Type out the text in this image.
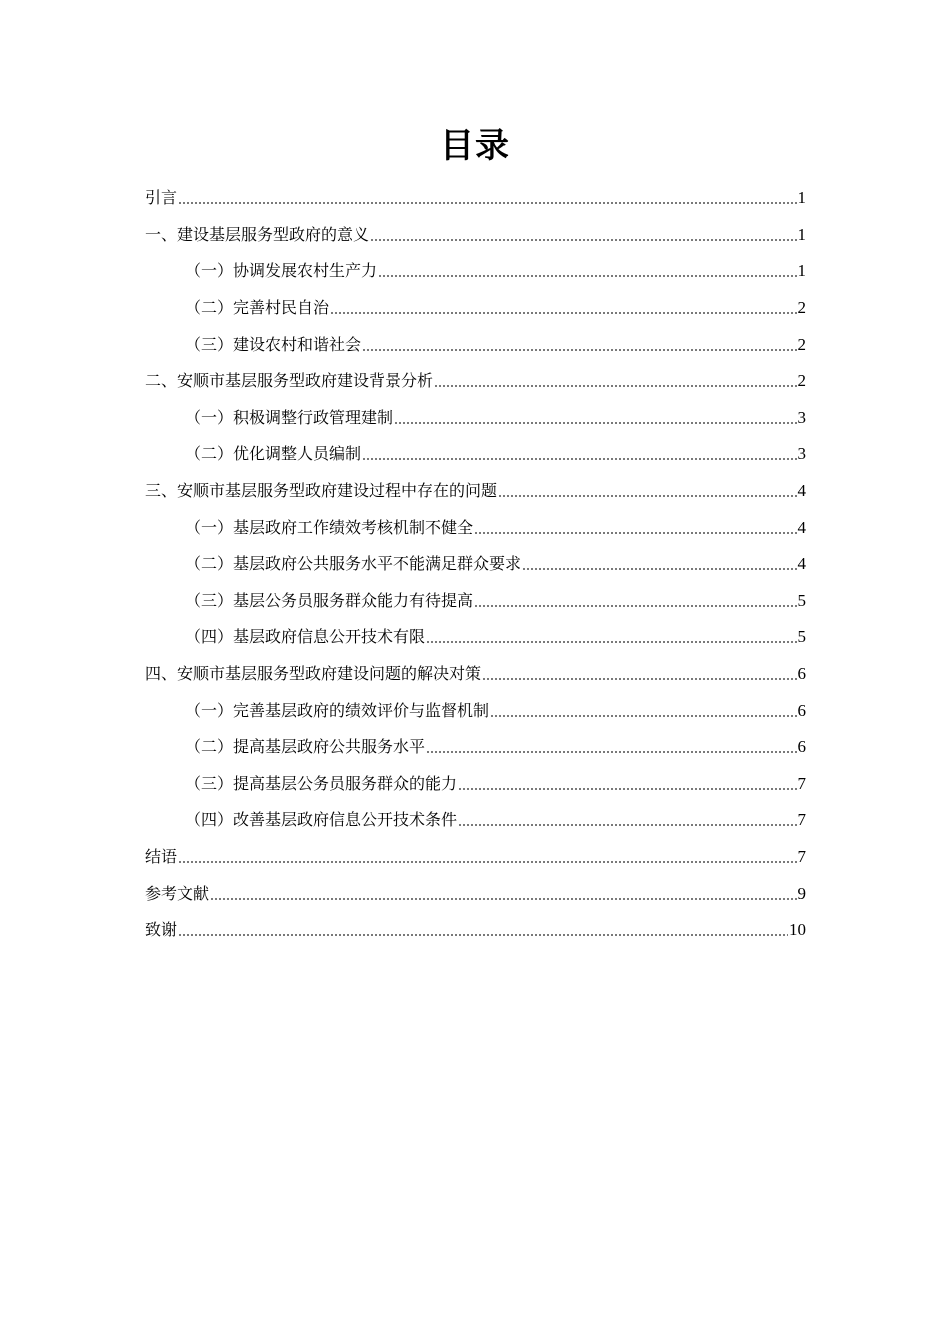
目录
引言	1
一、建设基层服务型政府的意义	1
（一）协调发展农村生产力	1
（二）完善村民自治	2
（三）建设农村和谐社会	2
二、安顺市基层服务型政府建设背景分析	2
（一）积极调整行政管理建制	3
（二）优化调整人员编制	3
三、安顺市基层服务型政府建设过程中存在的问题	4
（一）基层政府工作绩效考核机制不健全	4
（二）基层政府公共服务水平不能满足群众要求	4
（三）基层公务员服务群众能力有待提高	5
（四）基层政府信息公开技术有限	5
四、安顺市基层服务型政府建设问题的解决对策	6
（一）完善基层政府的绩效评价与监督机制	6
（二）提高基层政府公共服务水平	6
（三）提高基层公务员服务群众的能力	7
（四）改善基层政府信息公开技术条件	7
结语	7
参考文献	9
致谢	10
